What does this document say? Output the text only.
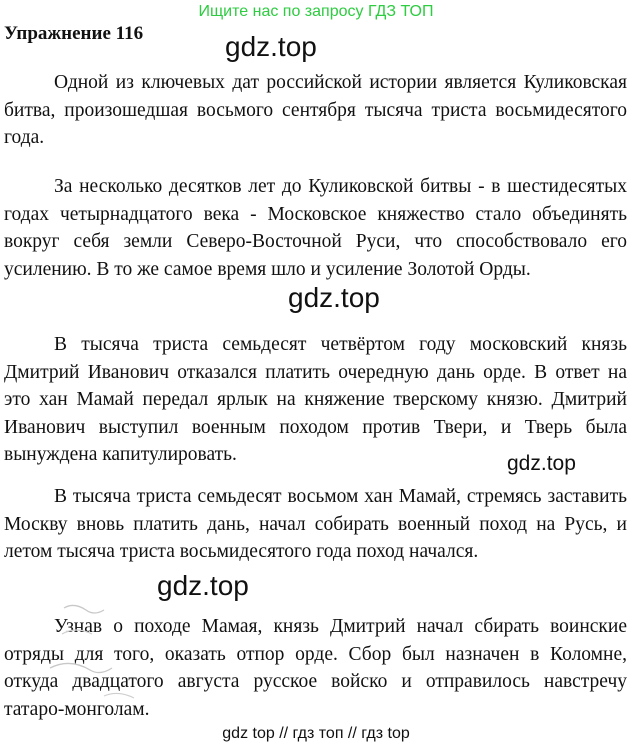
Ищите нас по запросу ГДЗ ТОП
Упражнение 116	gdz.top

Одной из ключевых дат российской истории является Куликовская битва, произошедшая восьмого сентября тысяча триста восьмидесятого года.

За несколько десятков лет до Куликовской битвы - в шестидесятых годах четырнадцатого века - Московское княжество стало объединять вокруг себя земли Северо-Восточной Руси, что способствовало его усилению. В то же самое время шло и усиление Золотой Орды.

gdz.top

В тысяча триста семьдесят четвёртом году московский князь Дмитрий Иванович отказался платить очередную дань орде. В ответ на это хан Мамай передал ярлык на княжение тверскому князю. Дмитрий Иванович выступил военным походом против Твери, и Тверь была вынуждена капитулировать.	gdz.top

В тысяча триста семьдесят восьмом хан Мамай, стремясь заставить Москву вновь платить дань, начал собирать военный поход на Русь, и летом тысяча триста восьмидесятого года поход начался.

gdz.top

Узнав о походе Мамая, князь Дмитрий начал сбирать воинские отряды для того, оказать отпор орде. Сбор был назначен в Коломне, откуда двадцатого августа русское войско и отправилось навстречу татаро-монголам.

gdz top // гдз топ // гдз top
